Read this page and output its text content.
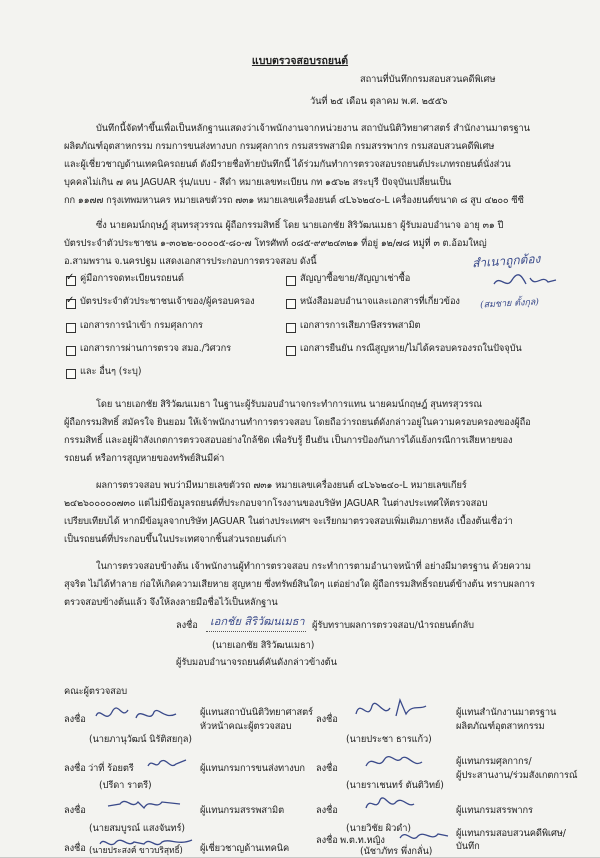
แบบตรวจสอบรถยนต์
สถานที่บันทึกกรมสอบสวนคดีพิเศษ
วันที่ ๒๕ เดือน ตุลาคม พ.ศ. ๒๕๕๖
บันทึกนี้จัดทำขึ้นเพื่อเป็นหลักฐานแสดงว่าเจ้าพนักงานจากหน่วยงาน สถาบันนิติวิทยาศาสตร์ สำนักงานมาตรฐาน
ผลิตภัณฑ์อุตสาหกรรม กรมการขนส่งทางบก กรมศุลกากร กรมสรรพสามิต กรมสรรพากร กรมสอบสวนคดีพิเศษ
และผู้เชี่ยวชาญด้านเทคนิครถยนต์ ดังมีรายชื่อท้ายบันทึกนี้ ได้ร่วมกันทำการตรวจสอบรถยนต์ประเภทรถยนต์นั่งส่วน
บุคคลไม่เกิน ๗ คน JAGUAR รุ่น/แบบ - สีดำ หมายเลขทะเบียน กท ๑๕๖๒ สระบุรี ปัจจุบันเปลี่ยนเป็น
กก ๑๑๗๗ กรุงเทพมหานคร หมายเลขตัวรถ ๗๓๑ หมายเลขเครื่องยนต์ ๔L๖๖๒๔๐-L เครื่องยนต์ขนาด ๘ สูบ ๔๒๐๐ ซีซี
ซึ่ง นายคมน์กฤษฎ์ สุนทรสุวรรณ ผู้ถือกรรมสิทธิ์ โดย นายเอกชัย สิริวัฒนเมธา ผู้รับมอบอำนาจ อายุ ๓๑ ปี
บัตรประจำตัวประชาชน ๑-๓๐๒๒-๐๐๐๐๕-๘๐-๗ โทรศัพท์ ๐๘๕-๙๙๒๔๓๒๑ ที่อยู่ ๑๒/๗๘ หมู่ที่ ๓ ต.อ้อมใหญ่
อ.สามพราน จ.นครปฐม แสดงเอกสารประกอบการตรวจสอบ ดังนี้
✓
คู่มือการจดทะเบียนรถยนต์
✓
บัตรประจำตัวประชาชนเจ้าของ/ผู้ครอบครอง
เอกสารการนำเข้า กรมศุลกากร
เอกสารการผ่านการตรวจ สมอ./วิศวกร
และ อื่นๆ (ระบุ)
สัญญาซื้อขาย/สัญญาเช่าซื้อ
หนังสือมอบอำนาจและเอกสารที่เกี่ยวข้อง
เอกสารการเสียภาษีสรรพสามิต
เอกสารยืนยัน กรณีสูญหาย/ไม่ได้ครอบครองรถในปัจจุบัน
สำเนาถูกต้อง
(สมชาย ตั้งกุล)
โดย นายเอกชัย สิริวัฒนเมธา ในฐานะผู้รับมอบอำนาจกระทำการแทน นายคมน์กฤษฎ์ สุนทรสุวรรณ
ผู้ถือกรรมสิทธิ์ สมัครใจ ยินยอม ให้เจ้าพนักงานทำการตรวจสอบ โดยถือว่ารถยนต์ดังกล่าวอยู่ในความครอบครองของผู้ถือ
กรรมสิทธิ์ และอยู่ฝ้าสังเกตการตรวจสอบอย่างใกล้ชิด เพื่อรับรู้ ยืนยัน เป็นการป้องกันการได้แย้งกรณีการเสียหายของ
รถยนต์ หรือการสูญหายของทรัพย์สินมีค่า
ผลการตรวจสอบ พบว่ามีหมายเลขตัวรถ ๗๓๑ หมายเลขเครื่องยนต์ ๔L๖๖๒๔๐-L หมายเลขเกียร์
๒๔๒๖๐๐๐๐๐๗๓๐ แต่ไม่มีข้อมูลรถยนต์ที่ประกอบจากโรงงานของบริษัท JAGUAR ในต่างประเทศให้ตรวจสอบ
เปรียบเทียบได้ หากมีข้อมูลจากบริษัท JAGUAR ในต่างประเทศฯ จะเรียกมาตรวจสอบเพิ่มเติมภายหลัง เบื้องต้นเชื่อว่า
เป็นรถยนต์ที่ประกอบขึ้นในประเทศจากชิ้นส่วนรถยนต์เก่า
ในการตรวจสอบข้างต้น เจ้าพนักงานผู้ทำการตรวจสอบ กระทำการตามอำนาจหน้าที่ อย่างมีมาตรฐาน ด้วยความ
สุจริต ไม่ได้ทำลาย ก่อให้เกิดความเสียหาย สูญหาย ซึ่งทรัพย์สินใดๆ แต่อย่างใด ผู้ถือกรรมสิทธิ์รถยนต์ข้างต้น ทราบผลการ
ตรวจสอบข้างต้นแล้ว จึงให้ลงลายมือชื่อไว้เป็นหลักฐาน
ลงชื่อ เอกชัย สิริวัฒนเมธา ผู้รับทราบผลการตรวจสอบ/นำรถยนต์กลับ
(นายเอกชัย สิริวัฒนเมธา)
ผู้รับมอบอำนาจรถยนต์คันดังกล่าวข้างต้น
คณะผู้ตรวจสอบ
ลงชื่อ
(นายภานุวัฒน์ นิรัติสยกุล)
ผู้แทนสถาบันนิติวิทยาศาสตร์
หัวหน้าคณะผู้ตรวจสอบ
ลงชื่อ
(นายประชา ธารแก้ว)
ผู้แทนสำนักงานมาตรฐาน
ผลิตภัณฑ์อุตสาหกรรม
ลงชื่อ ว่าที่ ร้อยตรี
(ปรีดา ราตรี)
ผู้แทนกรมการขนส่งทางบก ลงชื่อ
(นายราเชนทร์ ตันติวิทย์)
ผู้แทนกรมศุลกากร/
ผู้ประสานงาน/ร่วมสังเกตการณ์
ลงชื่อ
(นายสมบูรณ์ แสงจันทร์)
ผู้แทนกรมสรรพสามิต	ลงชื่อ
(นายวิชัย ผิวดำ)
ผู้แทนกรมสรรพากร
ลงชื่อ	ผู้เชี่ยวชาญด้านเทคนิค
ลงชื่อ พ.ต.ท.หญิง
(นัชาภัทร พึ่งกลั่น)
ผู้แทนกรมสอบสวนคดีพิเศษ/
บันทึก
(นายประสงค์ ขาวบริสุทธิ์)
